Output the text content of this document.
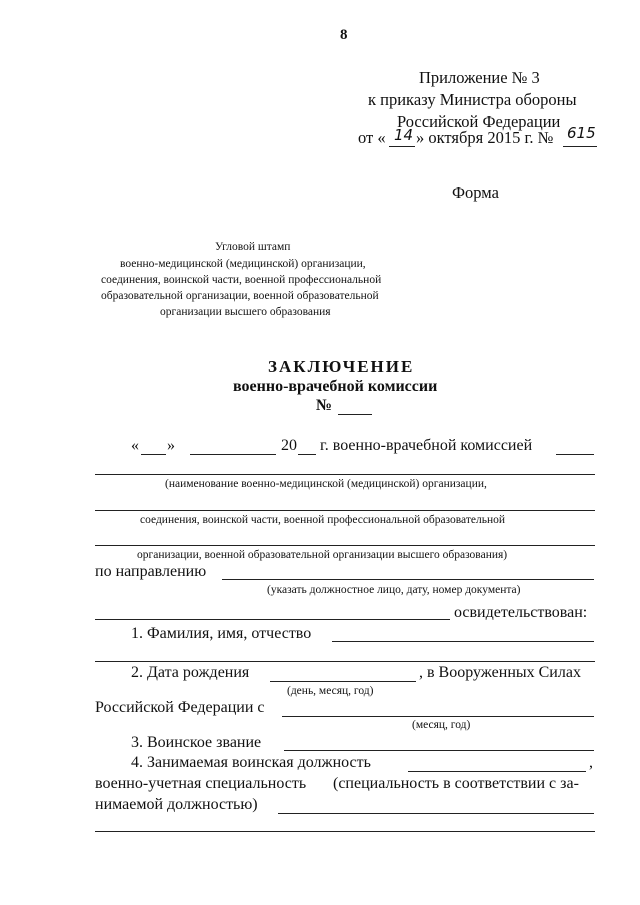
8
Приложение № 3
к приказу Министра обороны
Российской Федерации
от « 14 » октября 2015 г. № 615
Форма
Угловой штамп
военно-медицинской (медицинской) организации,
соединения, воинской части, военной профессиональной
образовательной организации, военной образовательной
организации высшего образования
ЗАКЛЮЧЕНИЕ
военно-врачебной комиссии
№
« »	20 г. военно-врачебной комиссией
(наименование военно-медицинской (медицинской) организации,
соединения, воинской части, военной профессиональной образовательной
организации, военной образовательной организации высшего образования)
по направлению
(указать должностное лицо, дату, номер документа)
освидетельствован:
1. Фамилия, имя, отчество
2. Дата рождения	, в Вооруженных Силах
(день, месяц, год)
Российской Федерации с
(месяц, год)
3. Воинское звание
4. Занимаемая воинская должность	,
военно-учетная специальность (специальность в соответствии с за-
нимаемой должностью)
